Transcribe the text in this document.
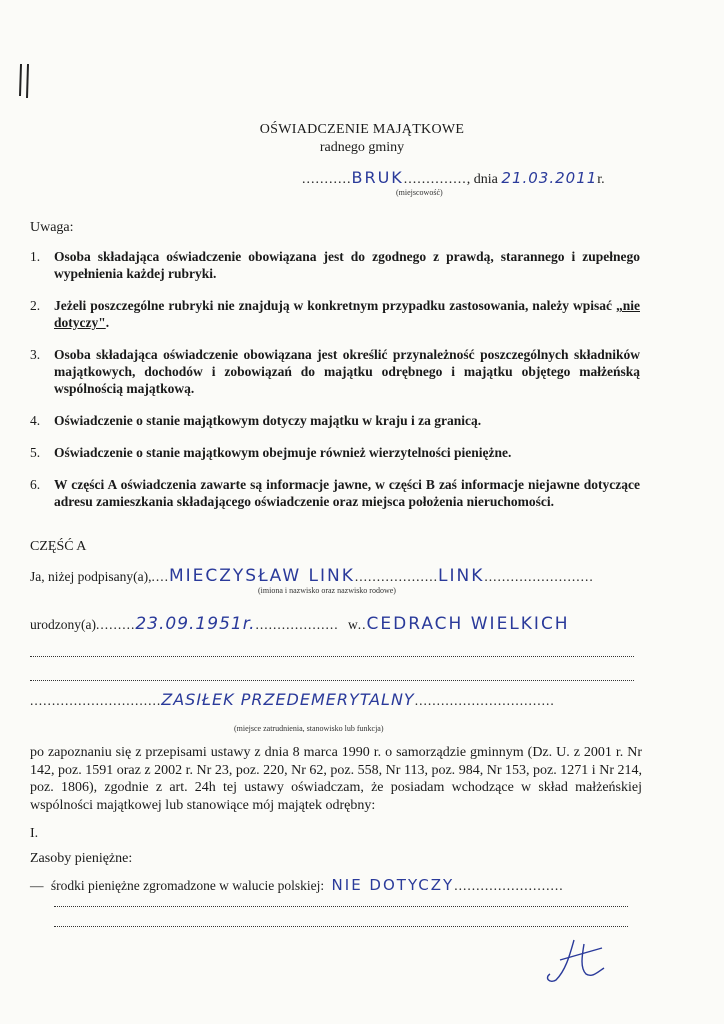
OŚWIADCZENIE MAJĄTKOWE
radnego gminy
...........BRUK.............., dnia 21.03.2011r.
(miejscowość)
Uwaga:
1. Osoba składająca oświadczenie obowiązana jest do zgodnego z prawdą, starannego i zupełnego wypełnienia każdej rubryki.
2. Jeżeli poszczególne rubryki nie znajdują w konkretnym przypadku zastosowania, należy wpisać „nie dotyczy".
3. Osoba składająca oświadczenie obowiązana jest określić przynależność poszczególnych składników majątkowych, dochodów i zobowiązań do majątku odrębnego i majątku objętego małżeńską wspólnością majątkową.
4. Oświadczenie o stanie majątkowym dotyczy majątku w kraju i za granicą.
5. Oświadczenie o stanie majątkowym obejmuje również wierzytelności pieniężne.
6. W części A oświadczenia zawarte są informacje jawne, w części B zaś informacje niejawne dotyczące adresu zamieszkania składającego oświadczenie oraz miejsca położenia nieruchomości.
CZĘŚĆ A
Ja, niżej podpisany(a),....MIECZYSŁAW LINK...................LINK.........................
(imiona i nazwisko oraz nazwisko rodowe)
urodzony(a).........23.09.1951r.................... w..CEDRACH WIELKICH
..............................ZASIŁEK PRZEDEMERYTALNY................................
(miejsce zatrudnienia, stanowisko lub funkcja)
po zapoznaniu się z przepisami ustawy z dnia 8 marca 1990 r. o samorządzie gminnym (Dz. U. z 2001 r. Nr 142, poz. 1591 oraz z 2002 r. Nr 23, poz. 220, Nr 62, poz. 558, Nr 113, poz. 984, Nr 153, poz. 1271 i Nr 214, poz. 1806), zgodnie z art. 24h tej ustawy oświadczam, że posiadam wchodzące w skład małżeńskiej wspólności majątkowej lub stanowiące mój majątek odrębny:
I.
Zasoby pieniężne:
— środki pieniężne zgromadzone w walucie polskiej: NIE DOTYCZY.........................
